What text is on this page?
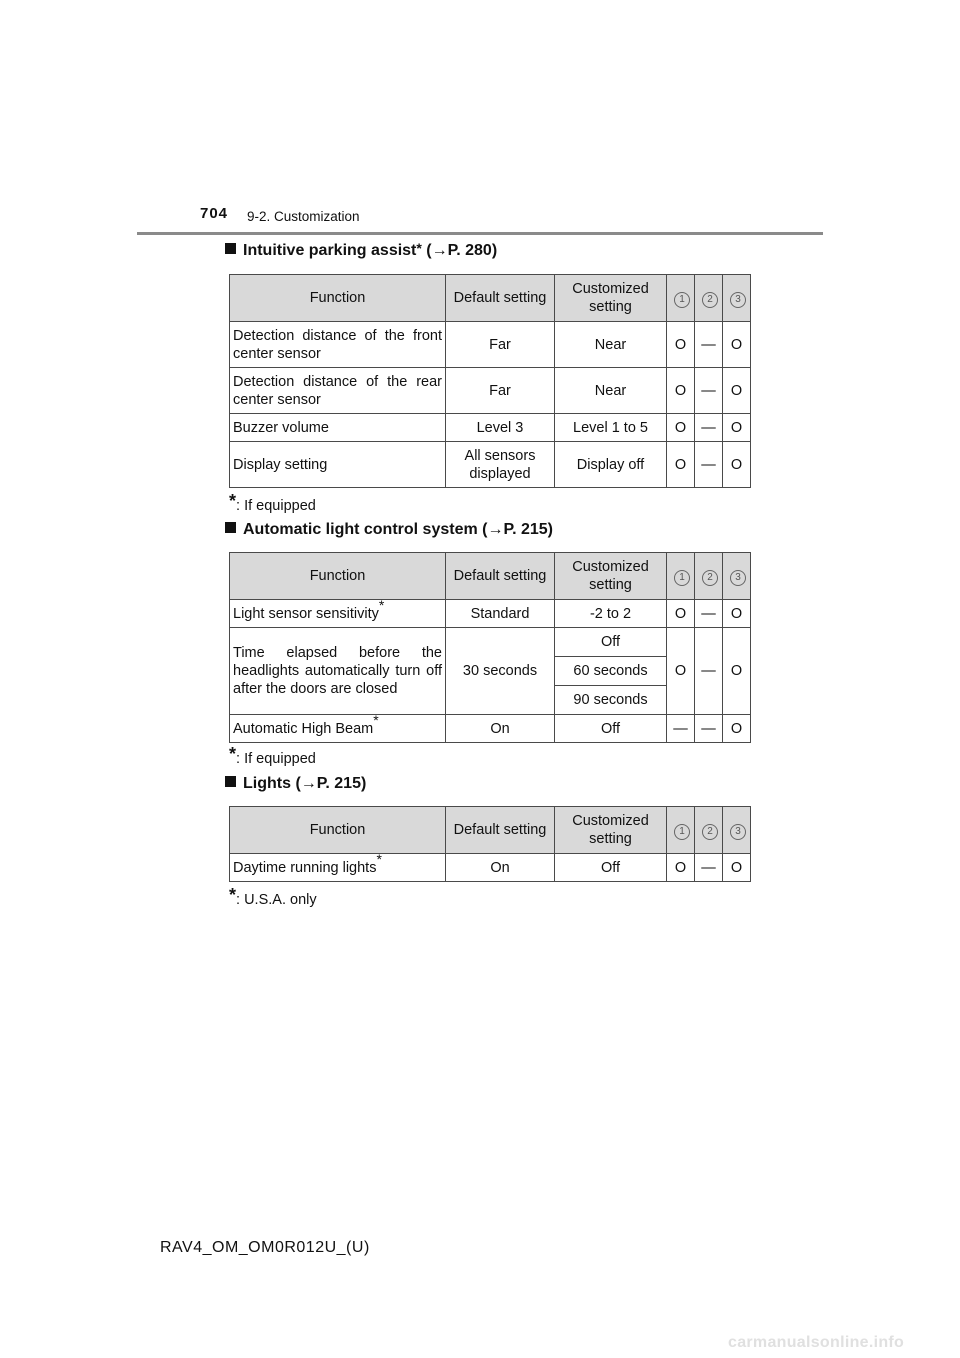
704 9-2. Customization
Intuitive parking assist*
(→P. 280)
Function	Default setting	Customized setting	1	2	3
Detection distance of the front center sensor	Far	Near	O	—	O
Detection distance of the rear center sensor	Far	Near	O	—	O
Buzzer volume	Level 3	Level 1 to 5	O	—	O
Display setting	All sensors displayed	Display off	O	—	O
*: If equipped
Automatic light control system
(→P. 215)
Function	Default setting	Customized setting	1	2	3
Light sensor sensitivity*	Standard	-2 to 2	O	—	O
Time elapsed before the headlights automatically turn off after the doors are closed	30 seconds	Off	O	—	O
		60 seconds			
		90 seconds			
Automatic High Beam*	On	Off	—	—	O
*: If equipped
Lights
(→P. 215)
Function	Default setting	Customized setting	1	2	3
Daytime running lights*	On	Off	O	—	O
*: U.S.A. only
RAV4_OM_OM0R012U_(U)
carmanualsonline.info
